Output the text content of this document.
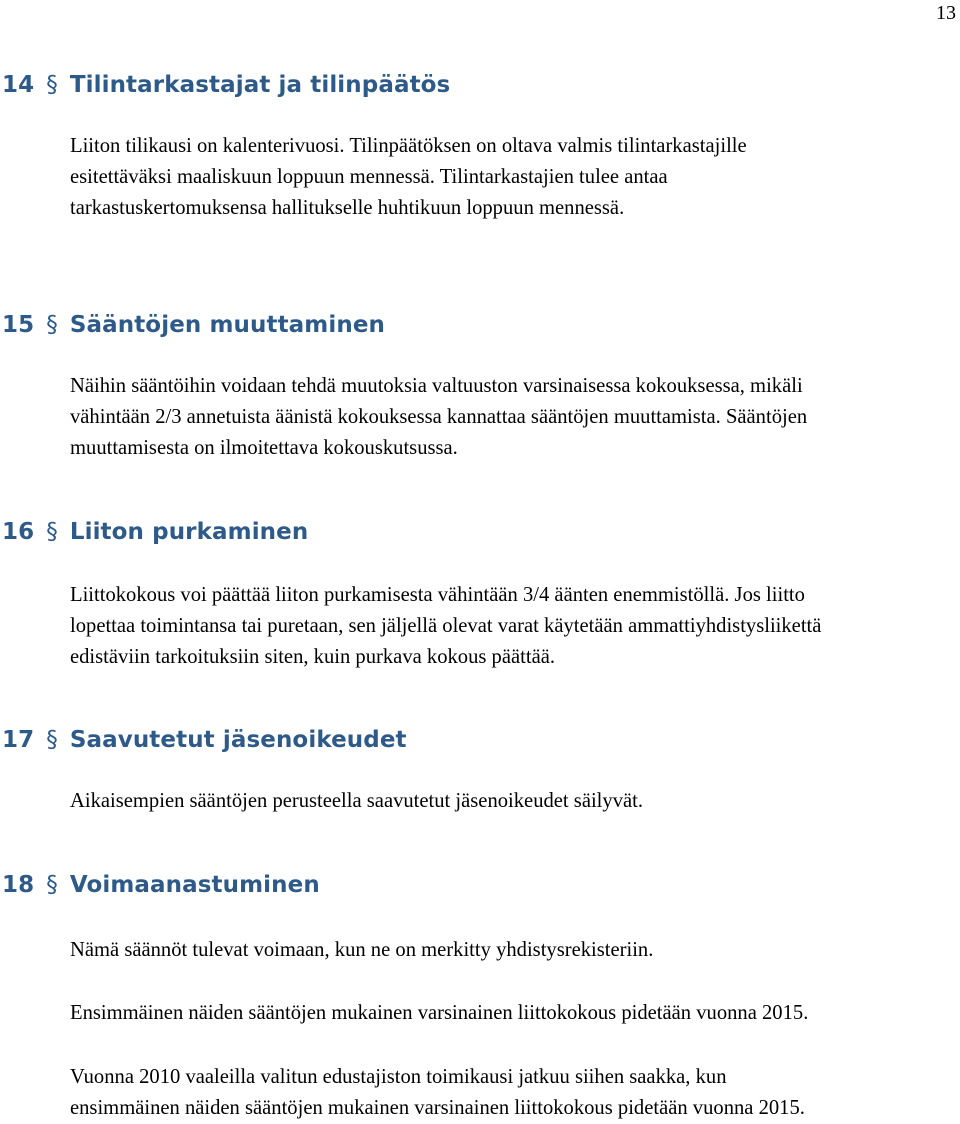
13
14 § Tilintarkastajat ja tilinpäätös

Liiton tilikausi on kalenterivuosi. Tilinpäätöksen on oltava valmis tilintarkastajille
esitettäväksi maaliskuun loppuun mennessä. Tilintarkastajien tulee antaa
tarkastuskertomuksensa hallitukselle huhtikuun loppuun mennessä.

15 § Sääntöjen muuttaminen

Näihin sääntöihin voidaan tehdä muutoksia valtuuston varsinaisessa kokouksessa, mikäli
vähintään 2/3 annetuista äänistä kokouksessa kannattaa sääntöjen muuttamista. Sääntöjen
muuttamisesta on ilmoitettava kokouskutsussa.

16 § Liiton purkaminen

Liittokokous voi päättää liiton purkamisesta vähintään 3/4 äänten enemmistöllä. Jos liitto
lopettaa toimintansa tai puretaan, sen jäljellä olevat varat käytetään ammattiyhdistysliikettä
edistäviin tarkoituksiin siten, kuin purkava kokous päättää.

17 § Saavutetut jäsenoikeudet

Aikaisempien sääntöjen perusteella saavutetut jäsenoikeudet säilyvät.

18 § Voimaanastuminen

Nämä säännöt tulevat voimaan, kun ne on merkitty yhdistysrekisteriin.

Ensimmäinen näiden sääntöjen mukainen varsinainen liittokokous pidetään vuonna 2015.

Vuonna 2010 vaaleilla valitun edustajiston toimikausi jatkuu siihen saakka, kun
ensimmäinen näiden sääntöjen mukainen varsinainen liittokokous pidetään vuonna 2015.
